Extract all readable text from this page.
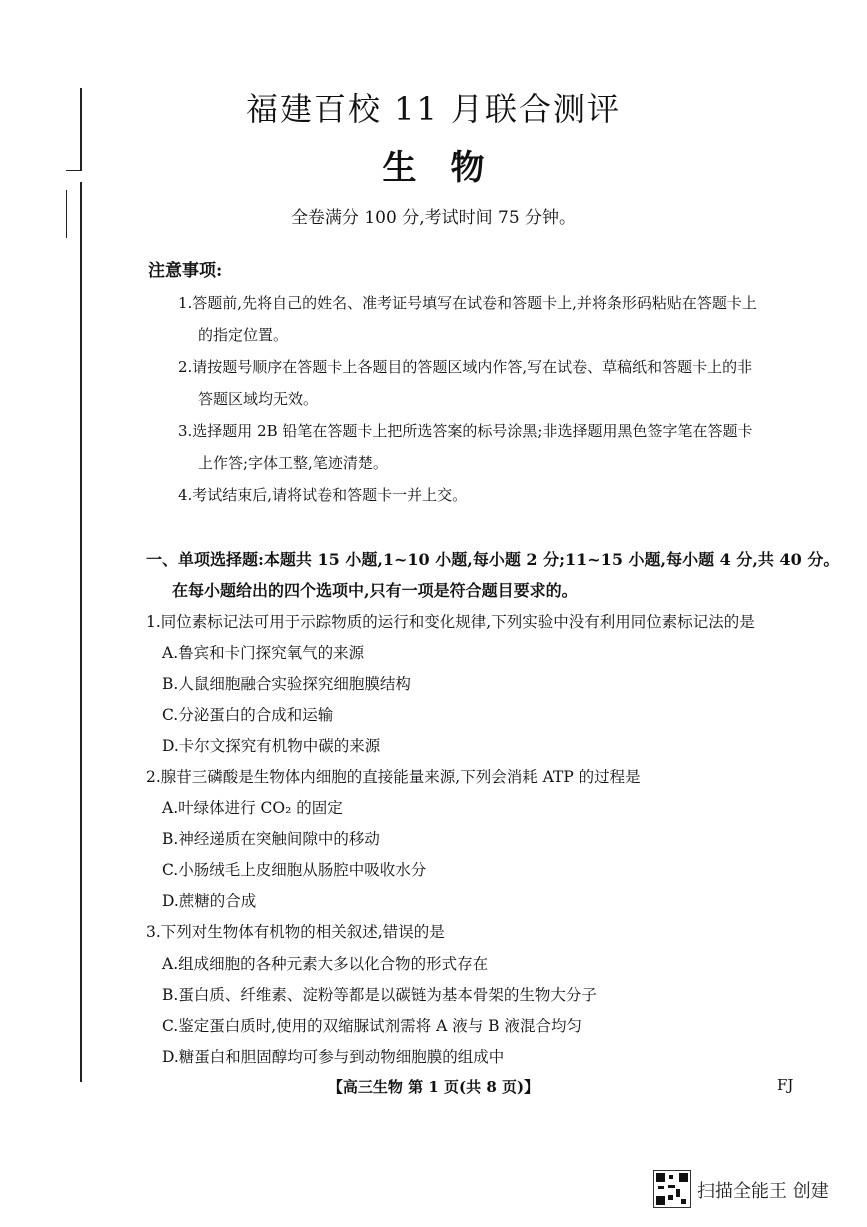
福建百校 11 月联合测评
生物
全卷满分 100 分,考试时间 75 分钟。
注意事项:
1.答题前,先将自己的姓名、准考证号填写在试卷和答题卡上,并将条形码粘贴在答题卡上
的指定位置。
2.请按题号顺序在答题卡上各题目的答题区域内作答,写在试卷、草稿纸和答题卡上的非
答题区域均无效。
3.选择题用 2B 铅笔在答题卡上把所选答案的标号涂黑;非选择题用黑色签字笔在答题卡
上作答;字体工整,笔迹清楚。
4.考试结束后,请将试卷和答题卡一并上交。
一、单项选择题:本题共 15 小题,1~10 小题,每小题 2 分;11~15 小题,每小题 4 分,共 40 分。
在每小题给出的四个选项中,只有一项是符合题目要求的。
1.同位素标记法可用于示踪物质的运行和变化规律,下列实验中没有利用同位素标记法的是
A.鲁宾和卡门探究氧气的来源
B.人鼠细胞融合实验探究细胞膜结构
C.分泌蛋白的合成和运输
D.卡尔文探究有机物中碳的来源
2.腺苷三磷酸是生物体内细胞的直接能量来源,下列会消耗 ATP 的过程是
A.叶绿体进行 CO₂ 的固定
B.神经递质在突触间隙中的移动
C.小肠绒毛上皮细胞从肠腔中吸收水分
D.蔗糖的合成
3.下列对生物体有机物的相关叙述,错误的是
A.组成细胞的各种元素大多以化合物的形式存在
B.蛋白质、纤维素、淀粉等都是以碳链为基本骨架的生物大分子
C.鉴定蛋白质时,使用的双缩脲试剂需将 A 液与 B 液混合均匀
D.糖蛋白和胆固醇均可参与到动物细胞膜的组成中
【高三生物 第 1 页(共 8 页)】	FJ
扫描全能王 创建
